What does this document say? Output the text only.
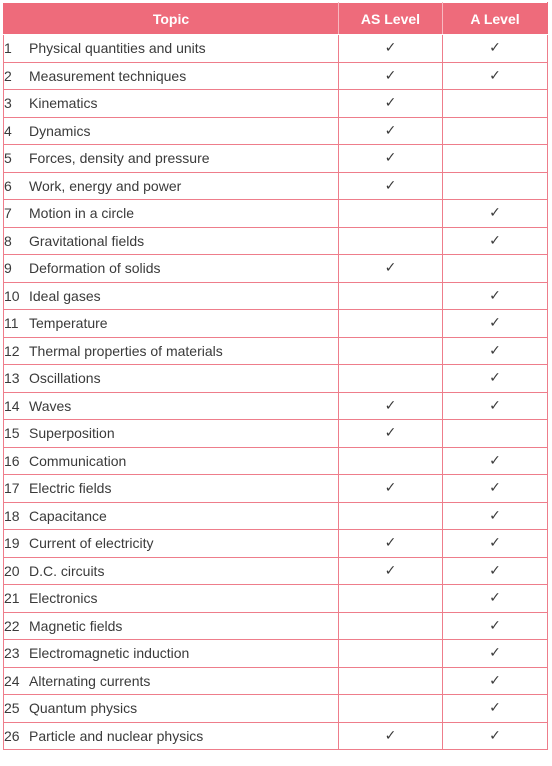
Topic	AS Level	A Level
1 Physical quantities and units	✓	✓
2 Measurement techniques	✓	✓
3 Kinematics	✓	
4 Dynamics	✓	
5 Forces, density and pressure	✓	
6 Work, energy and power	✓	
7 Motion in a circle		✓
8 Gravitational fields		✓
9 Deformation of solids	✓	
10 Ideal gases		✓
11 Temperature		✓
12 Thermal properties of materials		✓
13 Oscillations		✓
14 Waves	✓	✓
15 Superposition	✓	
16 Communication		✓
17 Electric fields	✓	✓
18 Capacitance		✓
19 Current of electricity	✓	✓
20 D.C. circuits	✓	✓
21 Electronics		✓
22 Magnetic fields		✓
23 Electromagnetic induction		✓
24 Alternating currents		✓
25 Quantum physics		✓
26 Particle and nuclear physics	✓	✓
